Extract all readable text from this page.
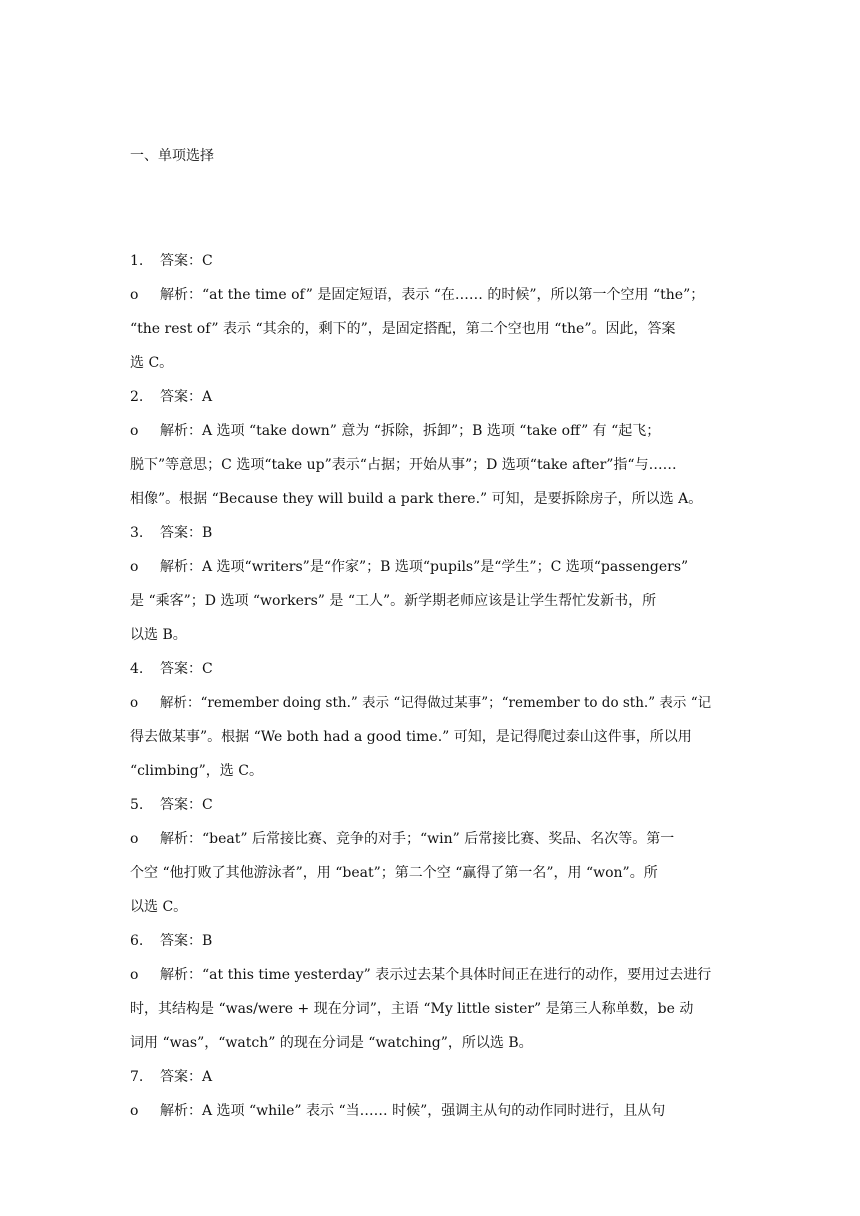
一、单项选择
1. 答案：C
o 解析：“at the time of” 是固定短语，表示 “在…… 的时候”，所以第一个空用 “the”；
“the rest of” 表示 “其余的，剩下的”，是固定搭配，第二个空也用 “the”。因此，答案
选 C。
2. 答案：A
o 解析：A 选项 “take down” 意为 “拆除，拆卸”；B 选项 “take off” 有 “起飞；
脱下”等意思；C 选项“take up”表示“占据；开始从事”；D 选项“take after”指“与……
相像”。根据 “Because they will build a park there.” 可知，是要拆除房子，所以选 A。
3. 答案：B
o 解析：A 选项“writers”是“作家”；B 选项“pupils”是“学生”；C 选项“passengers”
是 “乘客”；D 选项 “workers” 是 “工人”。新学期老师应该是让学生帮忙发新书，所
以选 B。
4. 答案：C
o 解析：“remember doing sth.” 表示 “记得做过某事”；“remember to do sth.” 表示 “记
得去做某事”。根据 “We both had a good time.” 可知，是记得爬过泰山这件事，所以用
“climbing”，选 C。
5. 答案：C
o 解析：“beat” 后常接比赛、竞争的对手；“win” 后常接比赛、奖品、名次等。第一
个空 “他打败了其他游泳者”，用 “beat”；第二个空 “赢得了第一名”，用 “won”。所
以选 C。
6. 答案：B
o 解析：“at this time yesterday” 表示过去某个具体时间正在进行的动作，要用过去进行
时，其结构是 “was/were + 现在分词”，主语 “My little sister” 是第三人称单数，be 动
词用 “was”，“watch” 的现在分词是 “watching”，所以选 B。
7. 答案：A
o 解析：A 选项 “while” 表示 “当…… 时候”，强调主从句的动作同时进行，且从句
